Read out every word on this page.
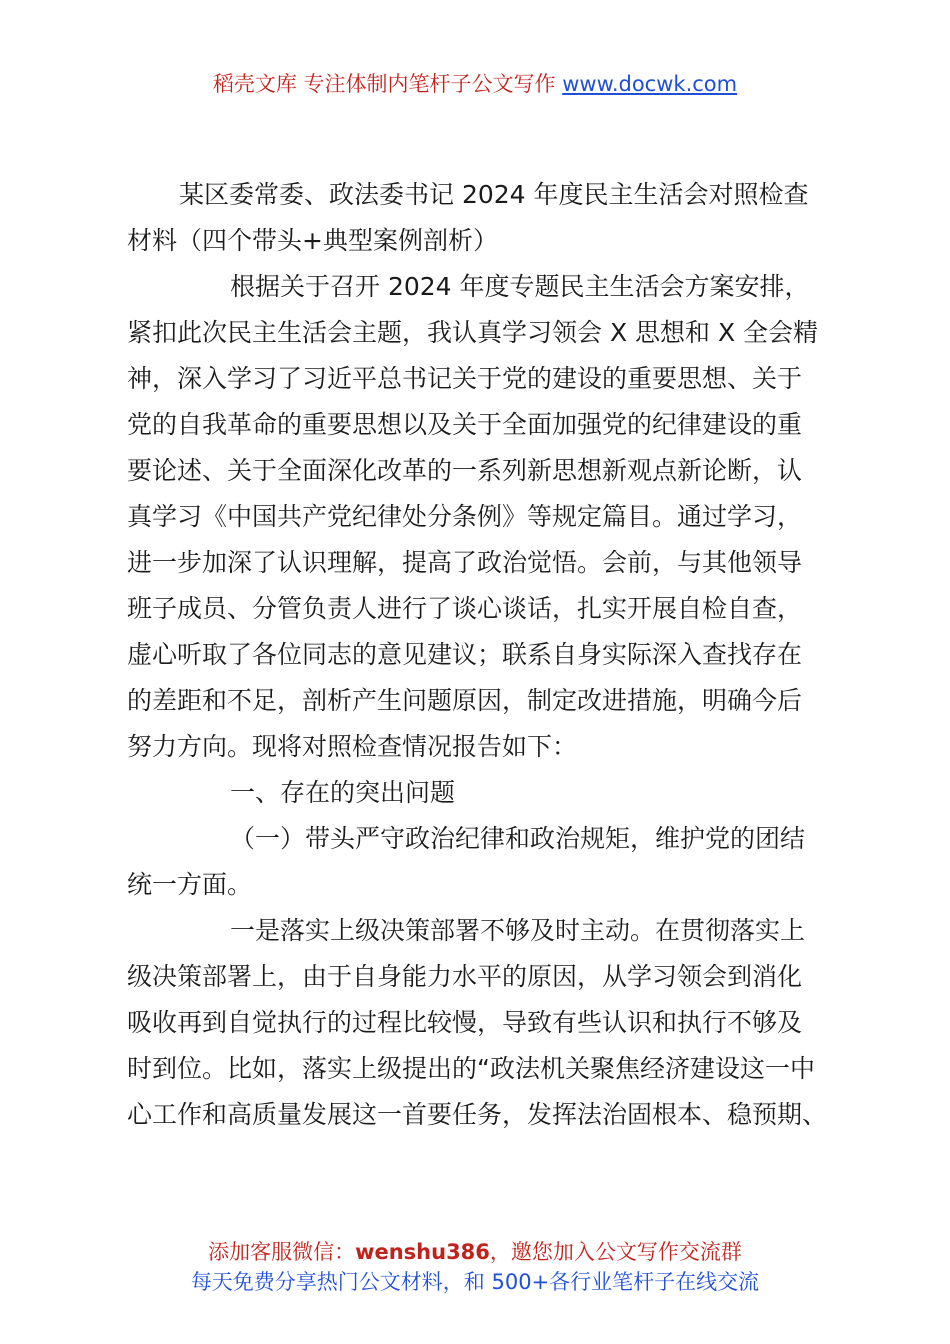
稻壳文库 专注体制内笔杆子公文写作 www.docwk.com
某区委常委、政法委书记 2024 年度民主生活会对照检查
材料（四个带头+典型案例剖析）
根据关于召开 2024 年度专题民主生活会方案安排，
紧扣此次民主生活会主题，我认真学习领会 X 思想和 X 全会精
神，深入学习了习近平总书记关于党的建设的重要思想、关于
党的自我革命的重要思想以及关于全面加强党的纪律建设的重
要论述、关于全面深化改革的一系列新思想新观点新论断，认
真学习《中国共产党纪律处分条例》等规定篇目。通过学习，
进一步加深了认识理解，提高了政治觉悟。会前，与其他领导
班子成员、分管负责人进行了谈心谈话，扎实开展自检自查，
虚心听取了各位同志的意见建议；联系自身实际深入查找存在
的差距和不足，剖析产生问题原因，制定改进措施，明确今后
努力方向。现将对照检查情况报告如下：
一、存在的突出问题
（一）带头严守政治纪律和政治规矩，维护党的团结
统一方面。
一是落实上级决策部署不够及时主动。在贯彻落实上
级决策部署上，由于自身能力水平的原因，从学习领会到消化
吸收再到自觉执行的过程比较慢，导致有些认识和执行不够及
时到位。比如，落实上级提出的“政法机关聚焦经济建设这一中
心工作和高质量发展这一首要任务，发挥法治固根本、稳预期、
添加客服微信：wenshu386，邀您加入公文写作交流群
每天免费分享热门公文材料，和 500+各行业笔杆子在线交流
